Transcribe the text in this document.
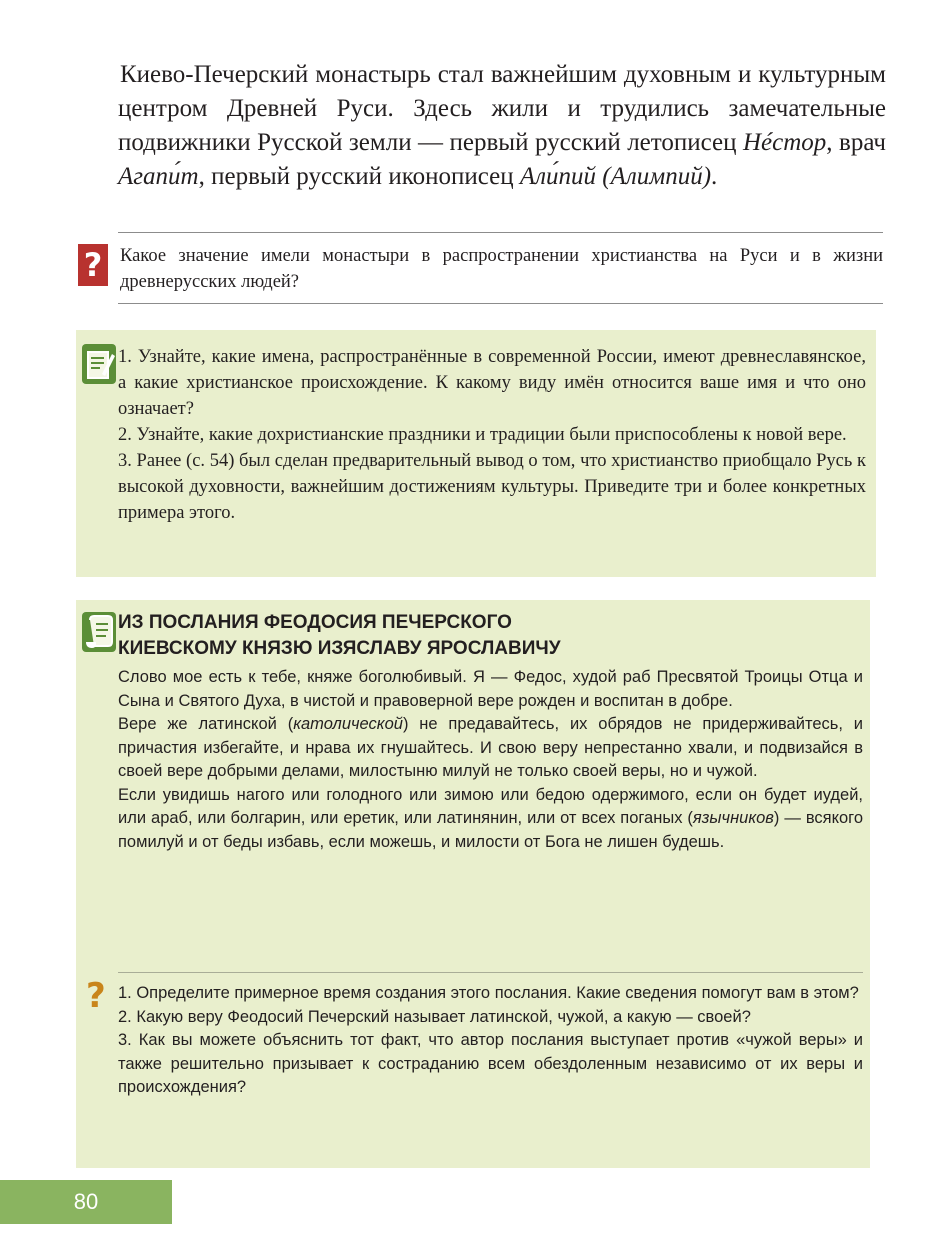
Киево-Печерский монастырь стал важнейшим духовным и культурным центром Древней Руси. Здесь жили и трудились замечательные подвижники Русской земли — первый русский летописец Нéстор, врач Агапи́т, первый русский иконописец Али́пий (Алимпий).
? Какое значение имели монастыри в распространении христианства на Руси и в жизни древнерусских людей?

1. Узнайте, какие имена, распространённые в современной России, имеют древнеславянское, а какие христианское происхождение. К какому виду имён относится ваше имя и что оно означает?

2. Узнайте, какие дохристианские праздники и традиции были приспособлены к новой вере.

3. Ранее (с. 54) был сделан предварительный вывод о том, что христианство приобщало Русь к высокой духовности, важнейшим достижениям культуры. Приведите три и более конкретных примера этого.

ИЗ ПОСЛАНИЯ ФЕОДОСИЯ ПЕЧЕРСКОГО
КИЕВСКОМУ КНЯЗЮ ИЗЯСЛАВУ ЯРОСЛАВИЧУ

Слово мое есть к тебе, княже боголюбивый. Я — Федос, худой раб Пресвятой Троицы Отца и Сына и Святого Духа, в чистой и правоверной вере рожден и воспитан в добре.

Вере же латинской (католической) не предавайтесь, их обрядов не придерживайтесь, и причастия избегайте, и нрава их гнушайтесь. И свою веру непрестанно хвали, и подвизайся в своей вере добрыми делами, милостыню милуй не только своей веры, но и чужой.

Если увидишь нагого или голодного или зимою или бедою одержимого, если он будет иудей, или араб, или болгарин, или еретик, или латинянин, или от всех поганых (язычников) — всякого помилуй и от беды избавь, если можешь, и милости от Бога не лишен будешь.

? 1. Определите примерное время создания этого послания. Какие сведения помогут вам в этом?

2. Какую веру Феодосий Печерский называет латинской, чужой, а какую — своей?

3. Как вы можете объяснить тот факт, что автор послания выступает против «чужой веры» и также решительно призывает к состраданию всем обездоленным независимо от их веры и происхождения?

80
